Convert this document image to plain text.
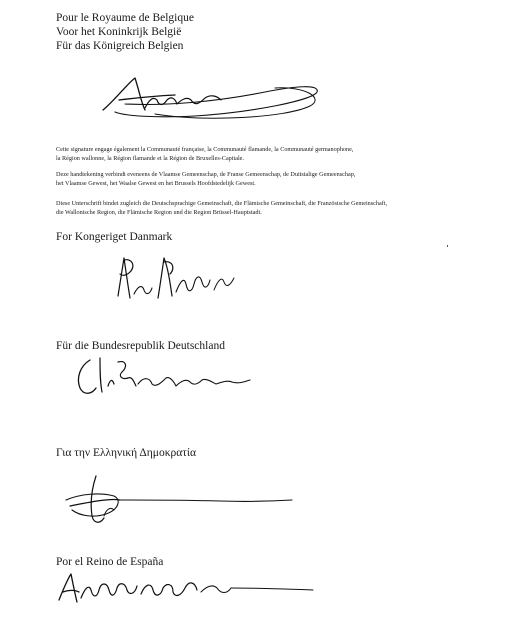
Pour le Royaume de Belgique
Voor het Koninkrijk België
Für das Königreich Belgien
Cette signature engage également la Communauté française, la Communauté flamande, la Communauté germanophone,
la Région wallonne, la Région flamande et la Région de Bruxelles-Capitale.
Deze handtekening verbindt eveneens de Vlaamse Gemeenschap, de Franse Gemeenschap, de Duitstalige Gemeenschap,
het Vlaamse Gewest, het Waalse Gewest en het Brussels Hoofdstedelijk Gewest.
Diese Unterschrift bindet zugleich die Deutschsprachige Gemeinschaft, die Flämische Gemeinschaft, die Französische Gemeinschaft,
die Wallonische Region, die Flämische Region und die Region Brüssel-Hauptstadt.
For Kongeriget Danmark
Für die Bundesrepublik Deutschland
Για την Ελληνική Δημοκρατία
Por el Reino de España
